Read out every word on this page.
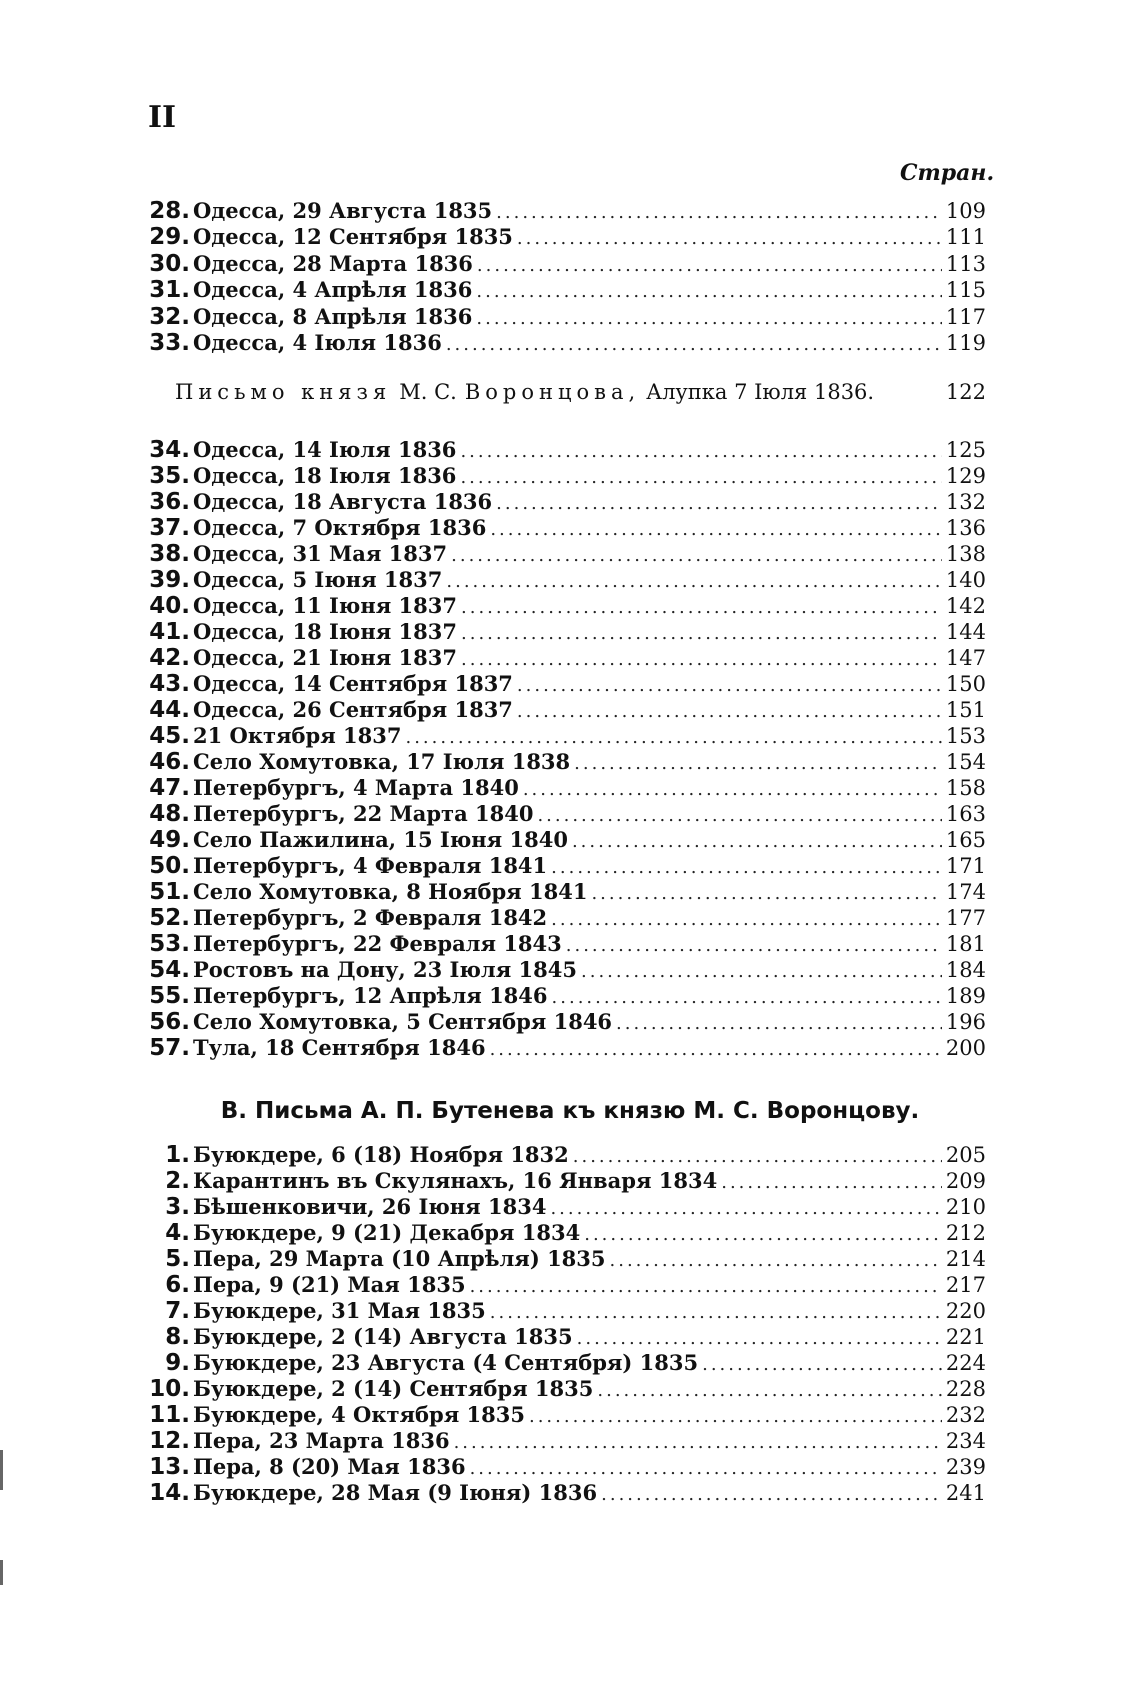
II
Стран.
28. Одесса, 29 Августа 1835 .....	109
29. Одесса, 12 Сентября 1835 .....	111
30. Одесса, 28 Марта 1836 .....	113
31. Одесса, 4 Апрѣля 1836 .....	115
32. Одесса, 8 Апрѣля 1836 .....	117
33. Одесса, 4 Іюля 1836 .....	119
Письмо князя М. С. Воронцова, Алупка 7 Іюля 1836.	122
34. Одесса, 14 Іюля 1836 .....	125
35. Одесса, 18 Іюля 1836 .....	129
36. Одесса, 18 Августа 1836 .....	132
37. Одесса, 7 Октября 1836 .....	136
38. Одесса, 31 Мая 1837 .....	138
39. Одесса, 5 Іюня 1837 .....	140
40. Одесса, 11 Іюня 1837 .....	142
41. Одесса, 18 Іюня 1837 .....	144
42. Одесса, 21 Іюня 1837 .....	147
43. Одесса, 14 Сентября 1837 .....	150
44. Одесса, 26 Сентября 1837 .....	151
45. 21 Октября 1837 .....	153
46. Село Хомутовка, 17 Іюля 1838 .....	154
47. Петербургъ, 4 Марта 1840 .....	158
48. Петербургъ, 22 Марта 1840 .....	163
49. Село Пажилина, 15 Іюня 1840 .....	165
50. Петербургъ, 4 Февраля 1841 .....	171
51. Село Хомутовка, 8 Ноября 1841 .....	174
52. Петербургъ, 2 Февраля 1842 .....	177
53. Петербургъ, 22 Февраля 1843 .....	181
54. Ростовъ на Дону, 23 Іюля 1845 .....	184
55. Петербургъ, 12 Апрѣля 1846 .....	189
56. Село Хомутовка, 5 Сентября 1846 .....	196
57. Тула, 18 Сентября 1846 .....	200
В. Письма А. П. Бутенева къ князю М. С. Воронцову.
1. Буюкдере, 6 (18) Ноября 1832 .....	205
2. Карантинъ въ Скулянахъ, 16 Января 1834 .....	209
3. Бѣшенковичи, 26 Іюня 1834 .....	210
4. Буюкдере, 9 (21) Декабря 1834 .....	212
5. Пера, 29 Марта (10 Апрѣля) 1835 .....	214
6. Пера, 9 (21) Мая 1835 .....	217
7. Буюкдере, 31 Мая 1835 .....	220
8. Буюкдере, 2 (14) Августа 1835 .....	221
9. Буюкдере, 23 Августа (4 Сентября) 1835 .....	224
10. Буюкдере, 2 (14) Сентября 1835 .....	228
11. Буюкдере, 4 Октября 1835 .....	232
12. Пера, 23 Марта 1836 .....	234
13. Пера, 8 (20) Мая 1836 .....	239
14. Буюкдере, 28 Мая (9 Іюня) 1836 .....	241
